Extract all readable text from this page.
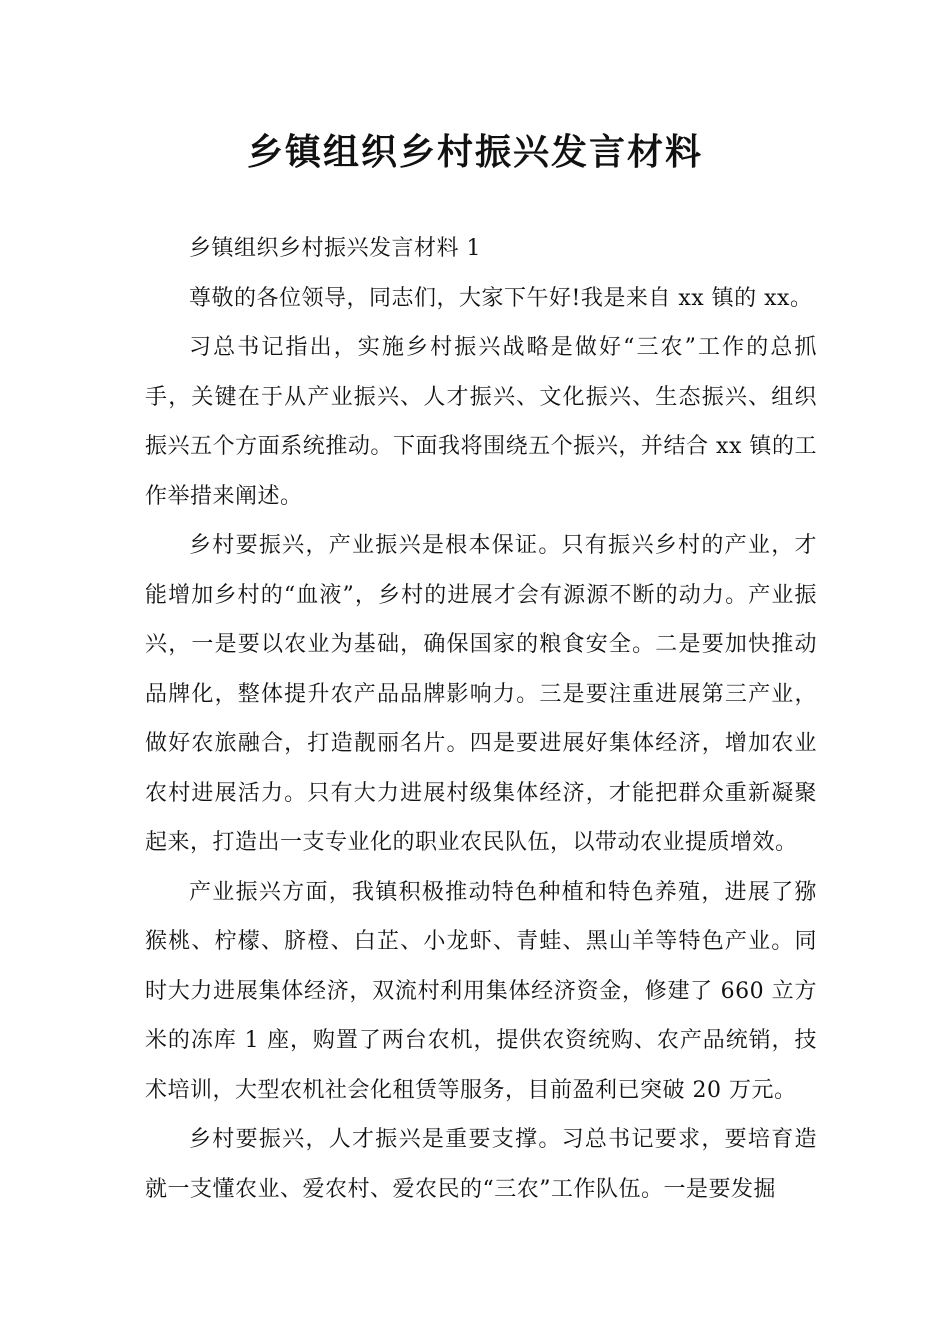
乡镇组织乡村振兴发言材料

乡镇组织乡村振兴发言材料 1

尊敬的各位领导，同志们，大家下午好!我是来自 xx 镇的 xx。

习总书记指出，实施乡村振兴战略是做好“三农”工作的总抓手，关键在于从产业振兴、人才振兴、文化振兴、生态振兴、组织振兴五个方面系统推动。下面我将围绕五个振兴，并结合 xx 镇的工作举措来阐述。

乡村要振兴，产业振兴是根本保证。只有振兴乡村的产业，才能增加乡村的“血液”，乡村的进展才会有源源不断的动力。产业振兴，一是要以农业为基础，确保国家的粮食安全。二是要加快推动品牌化，整体提升农产品品牌影响力。三是要注重进展第三产业，做好农旅融合，打造靓丽名片。四是要进展好集体经济，增加农业农村进展活力。只有大力进展村级集体经济，才能把群众重新凝聚起来，打造出一支专业化的职业农民队伍，以带动农业提质增效。

产业振兴方面，我镇积极推动特色种植和特色养殖，进展了猕猴桃、柠檬、脐橙、白芷、小龙虾、青蛙、黑山羊等特色产业。同时大力进展集体经济，双流村利用集体经济资金，修建了 660 立方米的冻库 1 座，购置了两台农机，提供农资统购、农产品统销，技术培训，大型农机社会化租赁等服务，目前盈利已突破 20 万元。

乡村要振兴，人才振兴是重要支撑。习总书记要求，要培育造就一支懂农业、爱农村、爱农民的“三农”工作队伍。一是要发掘
